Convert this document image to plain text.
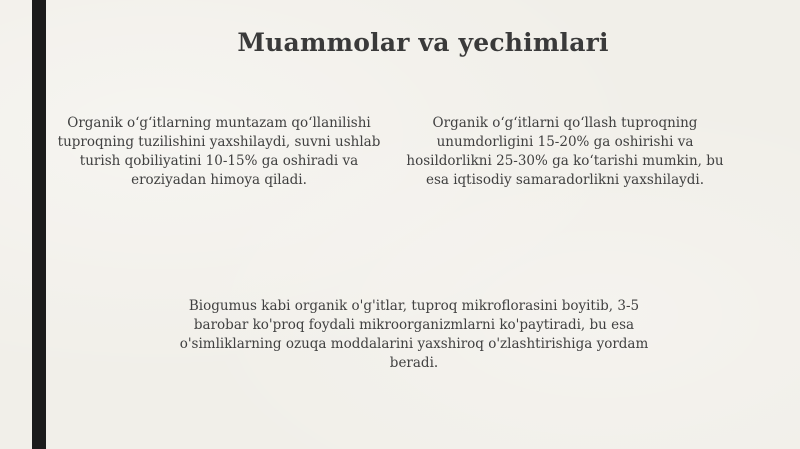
Muammolar va yechimlari
Organik o‘g‘itlarning muntazam qo‘llanilishi tuproqning tuzilishini yaxshilaydi, suvni ushlab turish qobiliyatini 10-15% ga oshiradi va eroziyadan himoya qiladi.
Organik o‘g‘itlarni qo‘llash tuproqning unumdorligini 15-20% ga oshirishi va hosildorlikni 25-30% ga ko‘tarishi mumkin, bu esa iqtisodiy samaradorlikni yaxshilaydi.
Biogumus kabi organik o'g'itlar, tuproq mikroflorasini boyitib, 3-5 barobar ko'proq foydali mikroorganizmlarni ko'paytiradi, bu esa o'simliklarning ozuqa moddalarini yaxshiroq o'zlashtirishiga yordam beradi.
